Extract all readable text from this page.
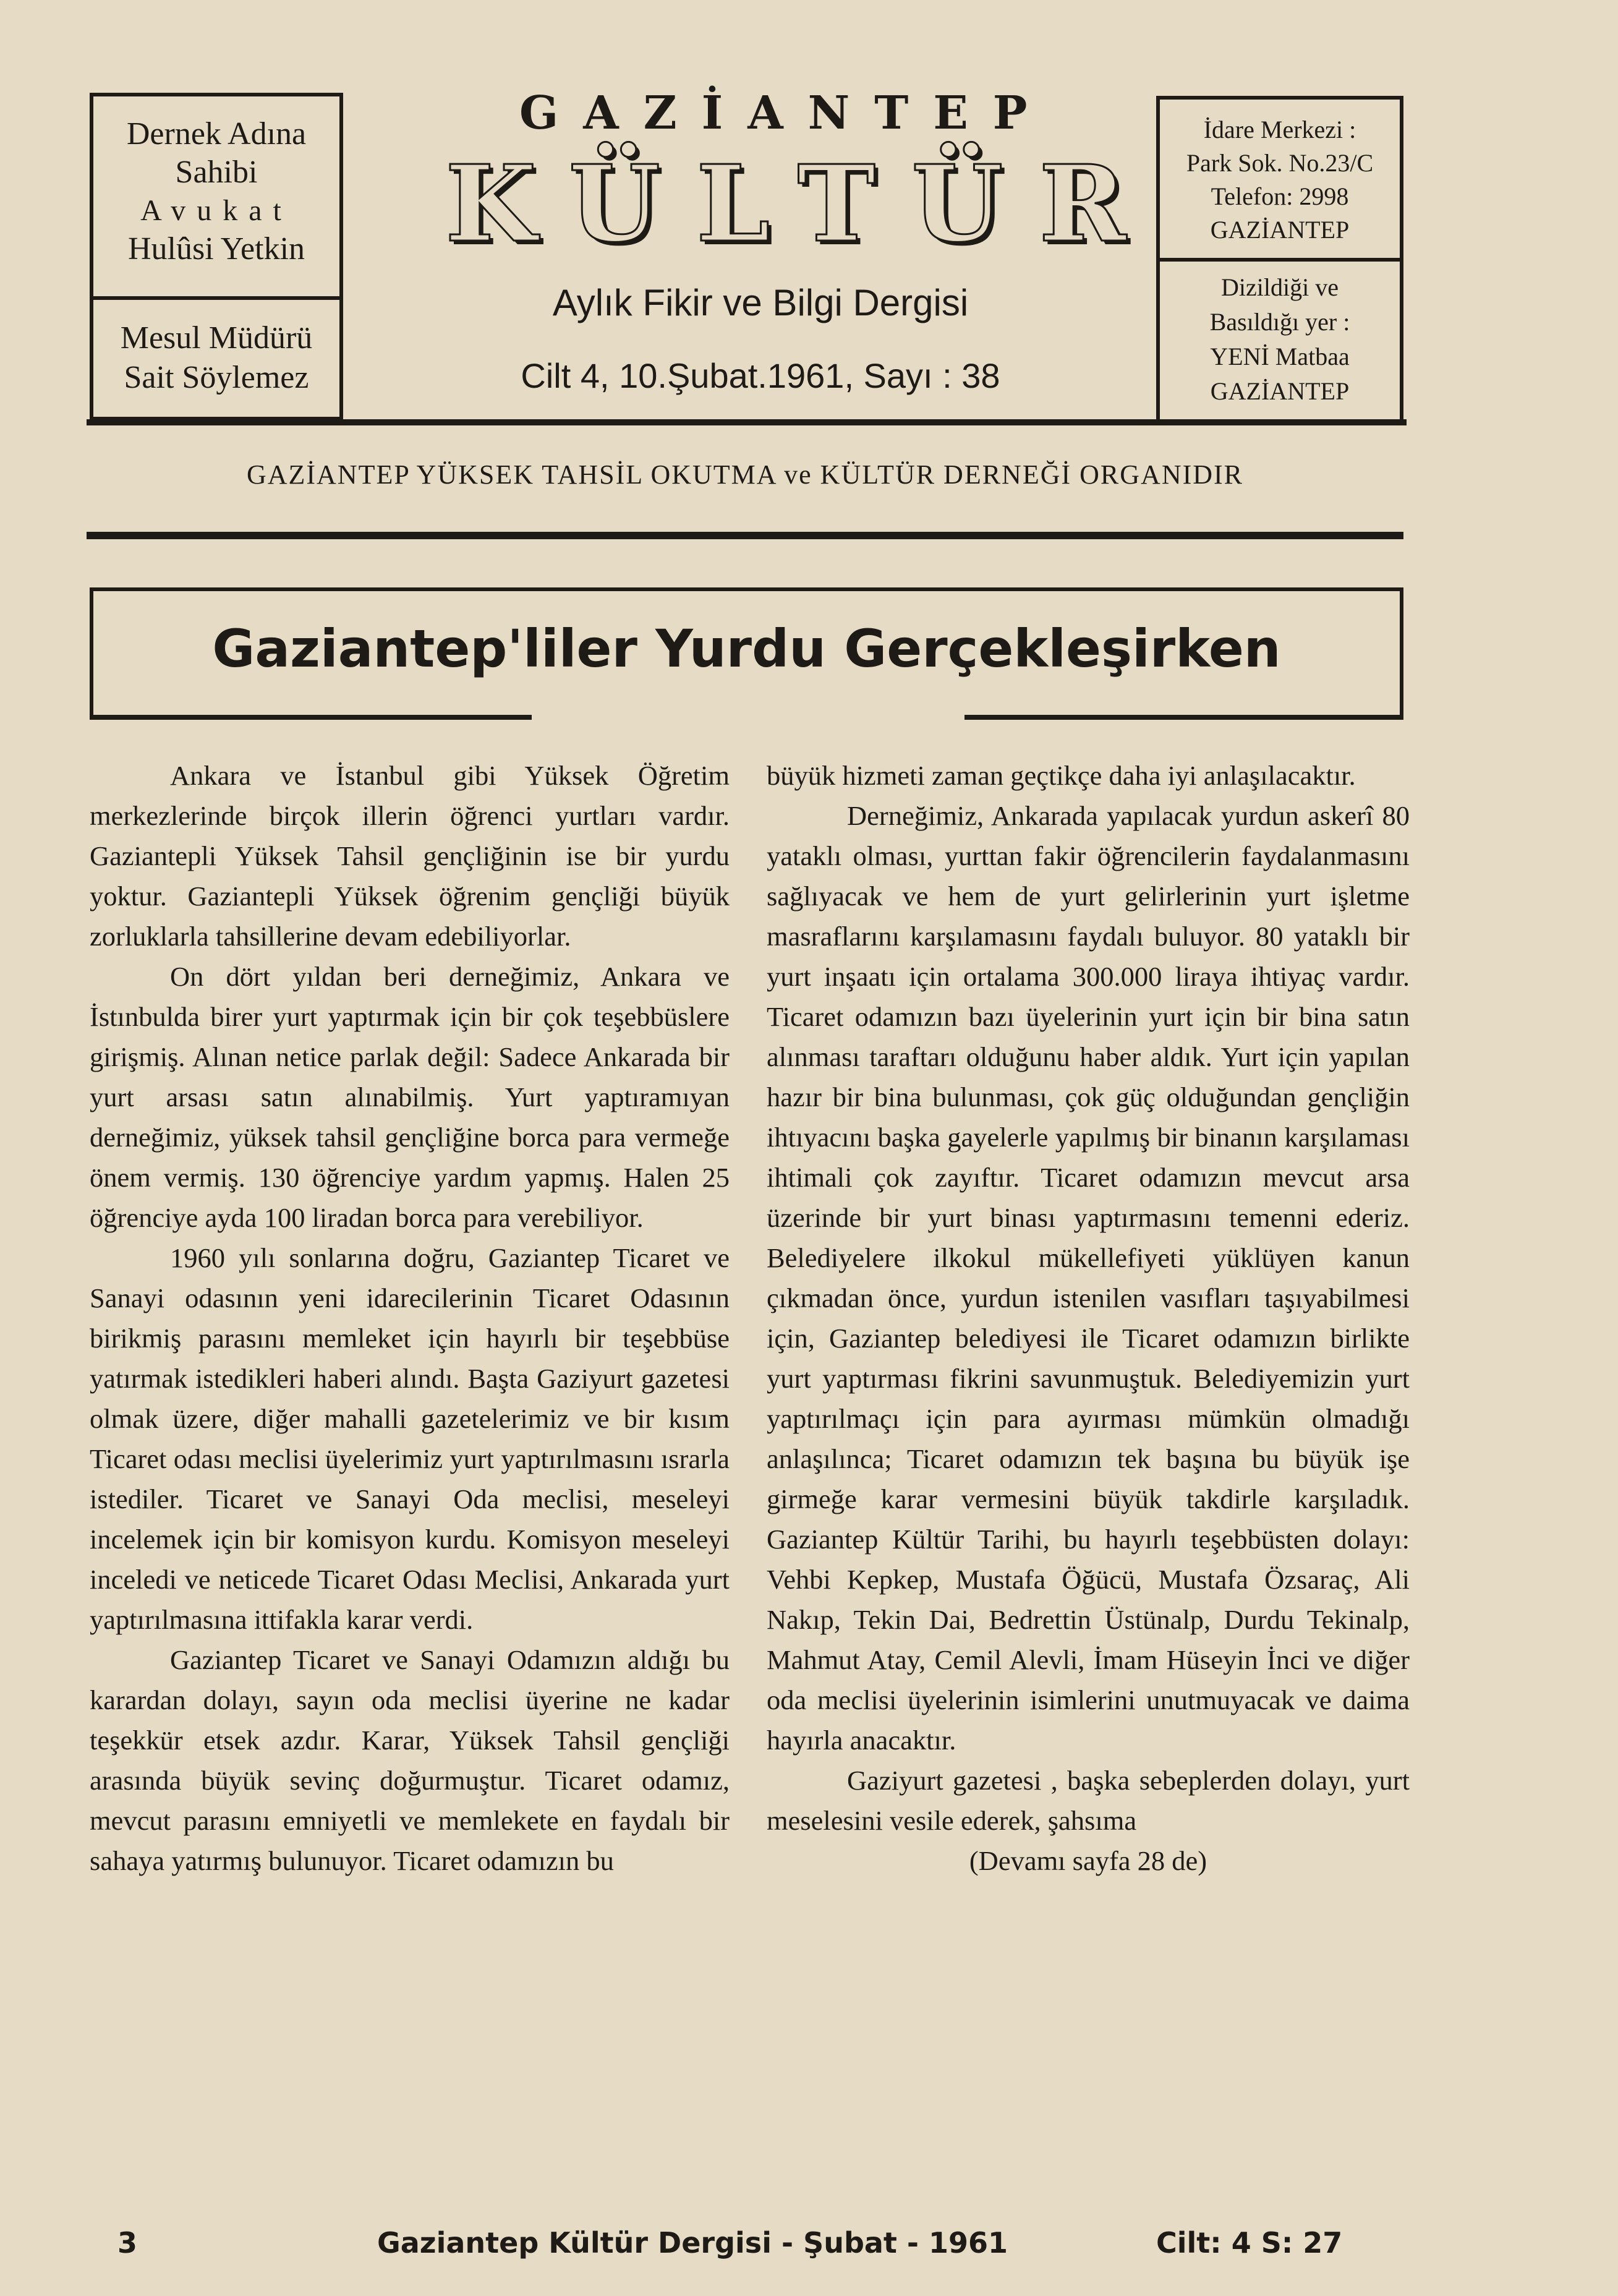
Dernek Adına
Sahibi
Avukat
Hulûsi Yetkin
Mesul Müdürü
Sait Söylemez
GAZİANTEP
KÜLTÜR
Aylık Fikir ve Bilgi Dergisi
Cilt 4, 10.Şubat.1961, Sayı : 38
İdare Merkezi :
Park Sok. No.23/C
Telefon: 2998
GAZİANTEP
Dizildiği ve
Basıldığı yer :
YENİ Matbaa
GAZİANTEP
GAZİANTEP YÜKSEK TAHSİL OKUTMA ve KÜLTÜR DERNEĞİ ORGANIDIR
Gaziantep'liler Yurdu Gerçekleşirken

Ankara ve İstanbul gibi Yüksek Öğretim merkezlerinde birçok illerin öğrenci yurtları vardır. Gaziantepli Yüksek Tahsil gençliğinin ise bir yurdu yoktur. Gaziantepli Yüksek öğrenim gençliği büyük zorluklarla tahsillerine devam edebiliyorlar.

On dört yıldan beri derneğimiz, Ankara ve İstınbulda birer yurt yaptırmak için bir çok teşebbüslere girişmiş. Alınan netice parlak değil: Sadece Ankarada bir yurt arsası satın alınabilmiş. Yurt yaptıramıyan derneğimiz, yüksek tahsil gençliğine borca para vermeğe önem vermiş. 130 öğrenciye yardım yapmış. Halen 25 öğrenciye ayda 100 liradan borca para verebiliyor.

1960 yılı sonlarına doğru, Gaziantep Ticaret ve Sanayi odasının yeni idarecilerinin Ticaret Odasının birikmiş parasını memleket için hayırlı bir teşebbüse yatırmak istedikleri haberi alındı. Başta Gaziyurt gazetesi olmak üzere, diğer mahalli gazetelerimiz ve bir kısım Ticaret odası meclisi üyelerimiz yurt yaptırılmasını ısrarla istediler. Ticaret ve Sanayi Oda meclisi, meseleyi incelemek için bir komisyon kurdu. Komisyon meseleyi inceledi ve neticede Ticaret Odası Meclisi, Ankarada yurt yaptırılmasına ittifakla karar verdi.

Gaziantep Ticaret ve Sanayi Odamızın aldığı bu karardan dolayı, sayın oda meclisi üyerine ne kadar teşekkür etsek azdır. Karar, Yüksek Tahsil gençliği arasında büyük sevinç doğurmuştur. Ticaret odamız, mevcut parasını emniyetli ve memlekete en faydalı bir sahaya yatırmış bulunuyor. Ticaret odamızın bu

büyük hizmeti zaman geçtikçe daha iyi anlaşılacaktır.

Derneğimiz, Ankarada yapılacak yurdun askerî 80 yataklı olması, yurttan fakir öğrencilerin faydalanmasını sağlıyacak ve hem de yurt gelirlerinin yurt işletme masraflarını karşılamasını faydalı buluyor. 80 yataklı bir yurt inşaatı için ortalama 300.000 liraya ihtiyaç vardır. Ticaret odamızın bazı üyelerinin yurt için bir bina satın alınması taraftarı olduğunu haber aldık. Yurt için yapılan hazır bir bina bulunması, çok güç olduğundan gençliğin ihtıyacını başka gayelerle yapılmış bir binanın karşılaması ihtimali çok zayıftır. Ticaret odamızın mevcut arsa üzerinde bir yurt binası yaptırmasını temenni ederiz. Belediyelere ilkokul mükellefiyeti yüklüyen kanun çıkmadan önce, yurdun istenilen vasıfları taşıyabilmesi için, Gaziantep belediyesi ile Ticaret odamızın birlikte yurt yaptırması fikrini savunmuştuk. Belediyemizin yurt yaptırılmaçı için para ayırması mümkün olmadığı anlaşılınca; Ticaret odamızın tek başına bu büyük işe girmeğe karar vermesini büyük takdirle karşıladık. Gaziantep Kültür Tarihi, bu hayırlı teşebbüsten dolayı: Vehbi Kepkep, Mustafa Öğücü, Mustafa Özsaraç, Ali Nakıp, Tekin Dai, Bedrettin Üstünalp, Durdu Tekinalp, Mahmut Atay, Cemil Alevli, İmam Hüseyin İnci ve diğer oda meclisi üyelerinin isimlerini unutmuyacak ve daima hayırla anacaktır.

Gaziyurt gazetesi , başka sebeplerden dolayı, yurt meselesini vesile ederek, şahsıma

(Devamı sayfa 28 de)

3	Gaziantep Kültür Dergisi - Şubat - 1961	Cilt: 4 S: 27
